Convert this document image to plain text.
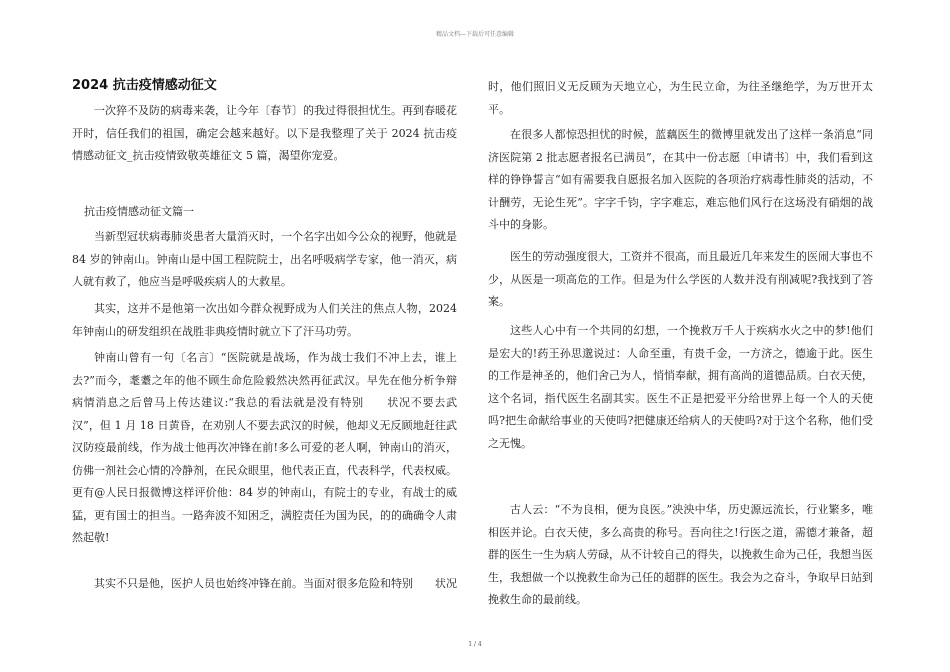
精品文档---下载后可任意编辑
2024 抗击疫情感动征文
一次猝不及防的病毒来袭，让今年〔春节〕的我过得很担忧生。再到春暖花开时，信任我们的祖国，确定会越来越好。以下是我整理了关于 2024 抗击疫情感动征文_抗击疫情致敬英雄征文 5 篇，渴望你宠爱。
抗击疫情感动征文篇一
当新型冠状病毒肺炎患者大量消灭时，一个名字出如今公众的视野，他就是 84 岁的钟南山。钟南山是中国工程院院士，出名呼吸病学专家，他一消灭，病人就有救了，他应当是呼吸疾病人的大救星。
其实，这并不是他第一次出如今群众视野成为人们关注的焦点人物，2024 年钟南山的研发组织在战胜非典疫情时就立下了汗马功劳。
钟南山曾有一句〔名言〕“医院就是战场，作为战士我们不冲上去，谁上去?”而今，耄耋之年的他不顾生命危险毅然决然再征武汉。早先在他分析争辩病情消息之后曾马上传达建议:“我总的看法就是没有特别　　状况不要去武汉”，但 1 月 18 日黄昏，在劝别人不要去武汉的时候，他却义无反顾地赶往武汉防疫最前线，作为战士他再次冲锋在前!多么可爱的老人啊，钟南山的消灭，仿佛一剂社会心情的冷静剂，在民众眼里，他代表正直，代表科学，代表权威。更有@人民日报微博这样评价他：84 岁的钟南山，有院士的专业，有战士的威猛，更有国士的担当。一路奔波不知困乏，满腔责任为国为民，的的确确令人肃然起敬!
其实不只是他，医护人员也始终冲锋在前。当面对很多危险和特别　　状况
时，他们照旧义无反顾为天地立心，为生民立命，为往圣继绝学，为万世开太平。
在很多人都惊恐担忧的时候，蓝藕医生的微博里就发出了这样一条消息“同济医院第 2 批志愿者报名已满员”，在其中一份志愿〔申请书〕中，我们看到这样的铮铮誓言“如有需要我自愿报名加入医院的各项治疗病毒性肺炎的活动，不计酬劳，无论生死”。字字千钧，字字难忘，难忘他们风行在这场没有硝烟的战斗中的身影。
医生的劳动强度很大，工资并不很高，而且最近几年来发生的医闹大事也不少，从医是一项高危的工作。但是为什么学医的人数并没有削减呢?我找到了答案。
这些人心中有一个共同的幻想，一个挽救万千人于疾病水火之中的梦!他们是宏大的!药王孙思邈说过：人命至重，有贵千金，一方济之，德逾于此。医生的工作是神圣的，他们舍己为人，悄悄奉献，拥有高尚的道德品质。白衣天使，这个名词，指代医生名副其实。医生不正是把爱平分给世界上每一个人的天使吗?把生命献给事业的天使吗?把健康还给病人的天使吗?对于这个名称，他们受之无愧。
古人云：“不为良相，便为良医。”泱泱中华，历史源远流长，行业繁多，唯相医并论。白衣天使，多么高贵的称号。吾向往之!行医之道，需德才兼备，超群的医生一生为病人劳碌，从不计较自己的得失，以挽救生命为己任，我想当医生，我想做一个以挽救生命为己任的超群的医生。我会为之奋斗，争取早日站到挽救生命的最前线。
1 / 4
